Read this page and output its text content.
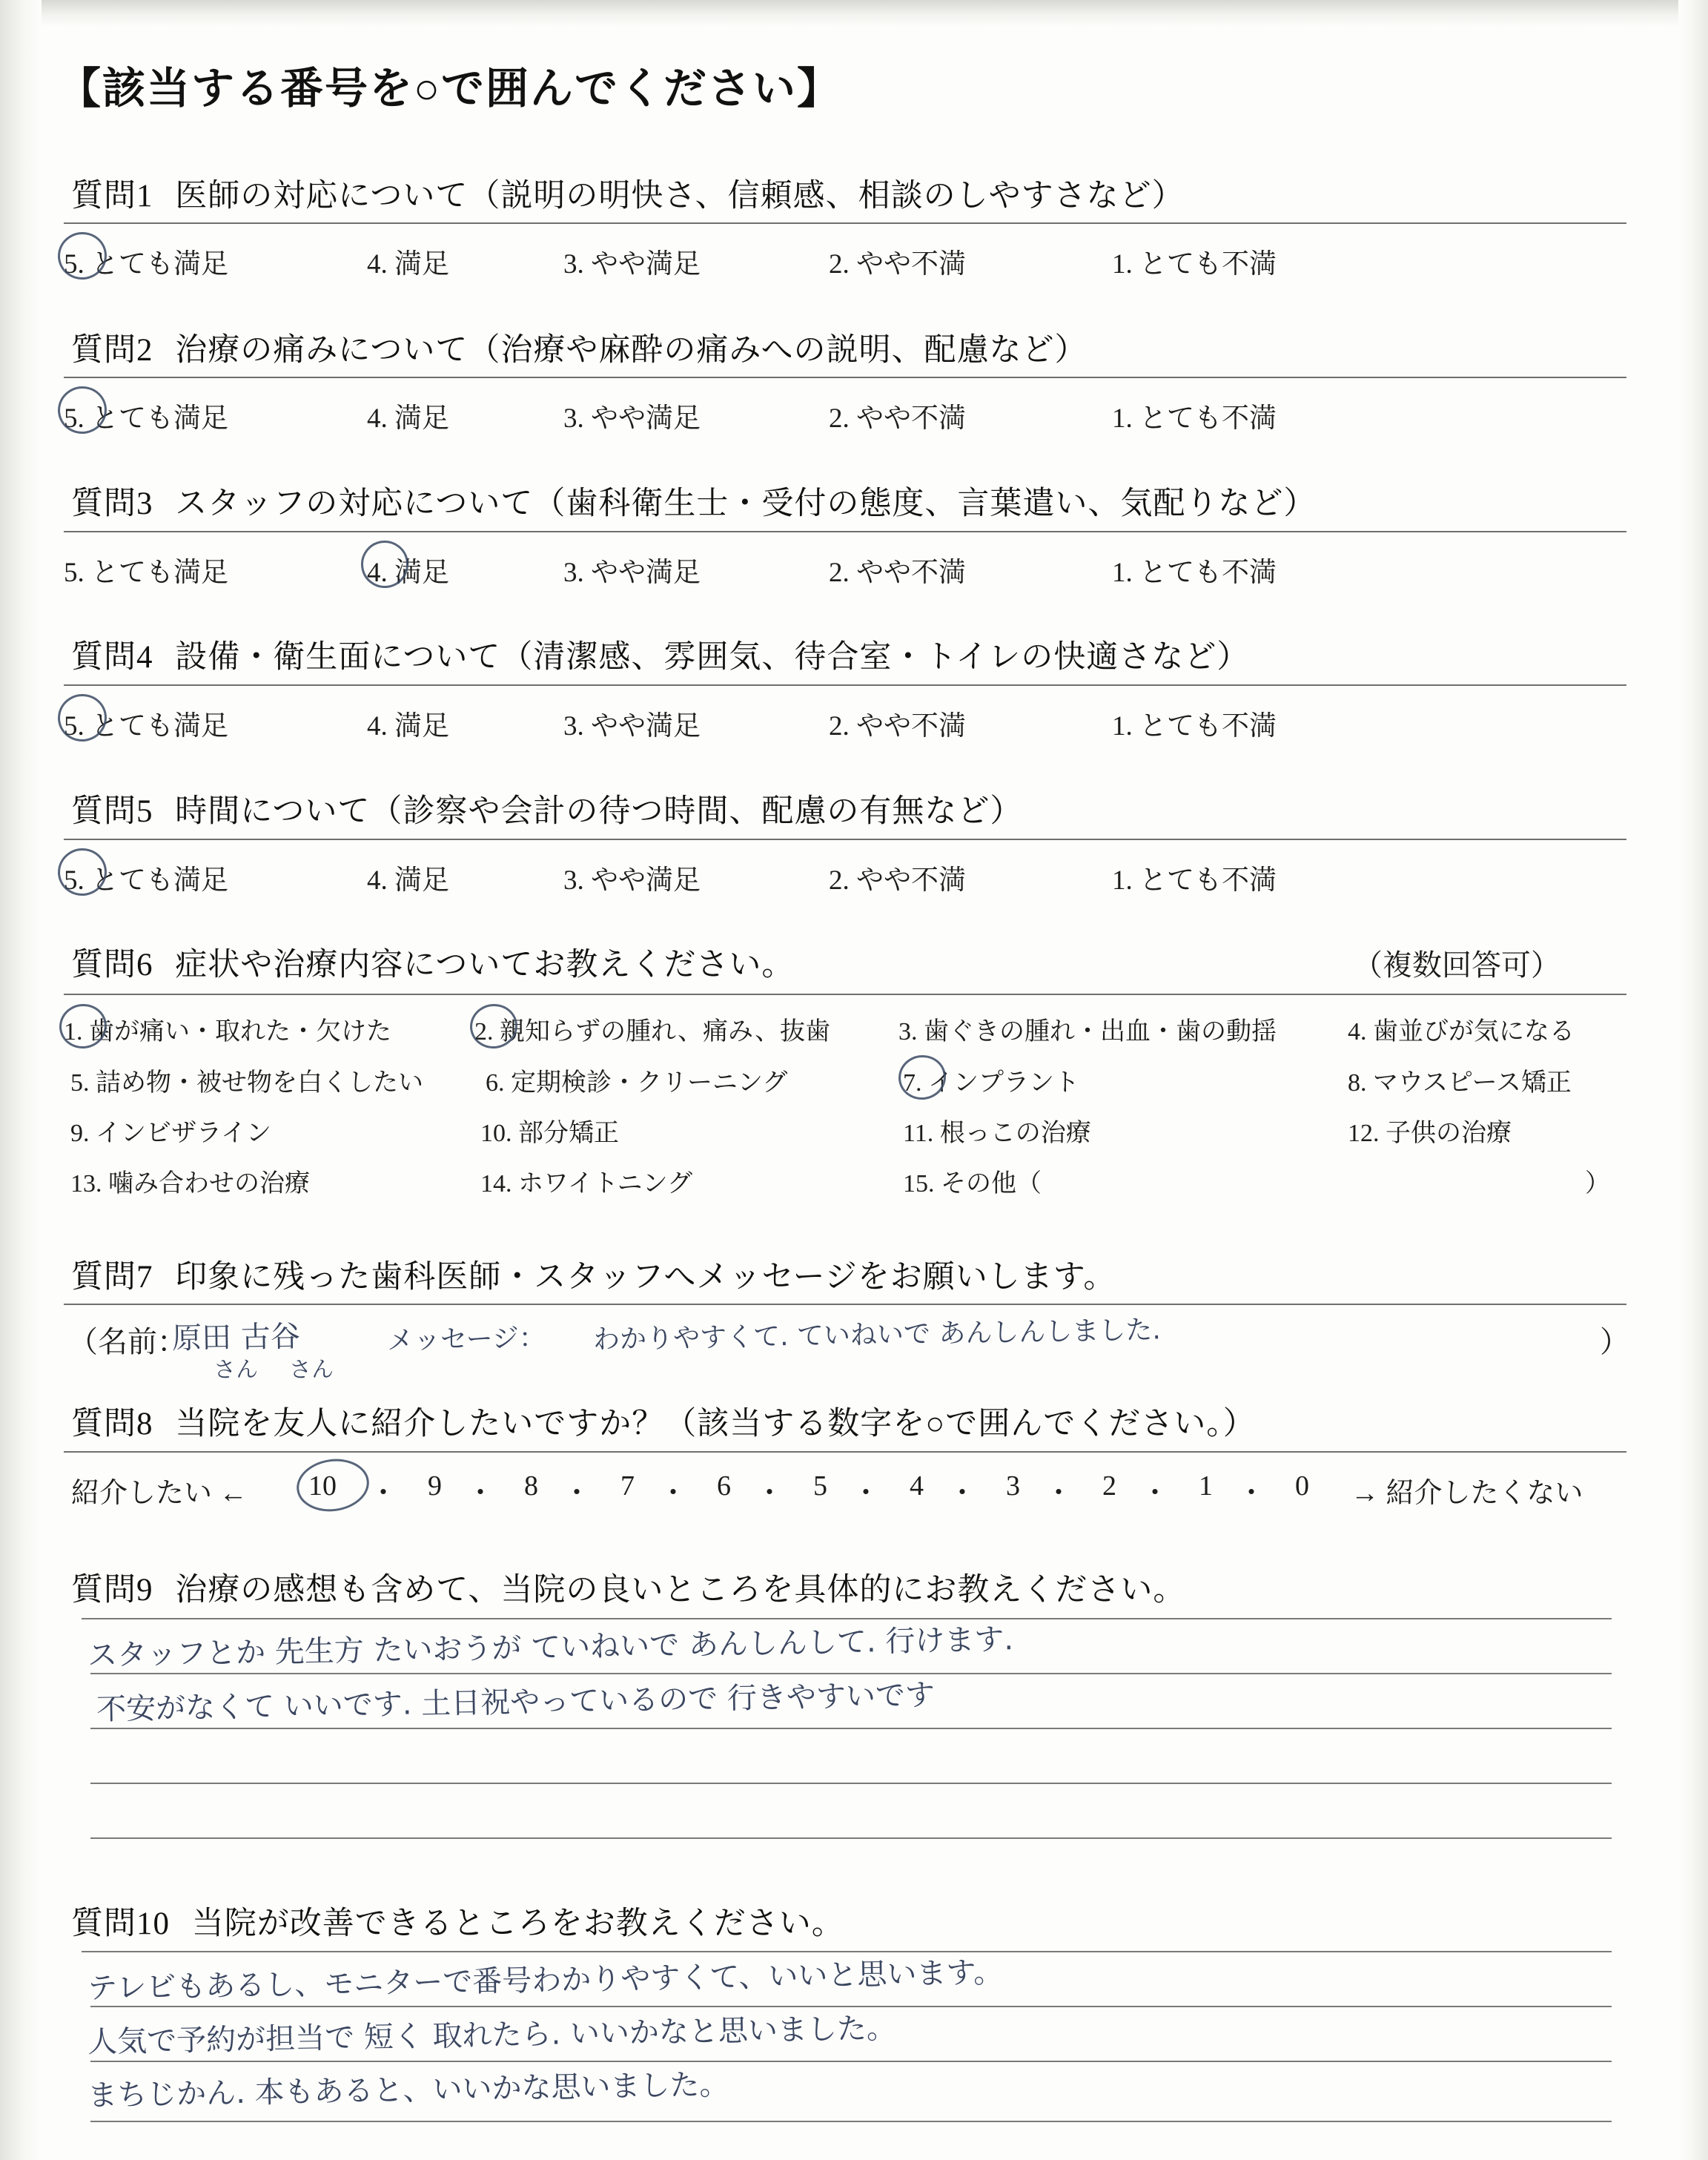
【該当する番号を○で囲んでください】
質問1 医師の対応について（説明の明快さ、信頼感、相談のしやすさなど）
5. とても満足	4. 満足	3. やや満足	2. やや不満	1. とても不満
質問2 治療の痛みについて（治療や麻酔の痛みへの説明、配慮など）
5. とても満足	4. 満足	3. やや満足	2. やや不満	1. とても不満
質問3 スタッフの対応について（歯科衛生士・受付の態度、言葉遣い、気配りなど）
5. とても満足	4. 満足	3. やや満足	2. やや不満	1. とても不満
質問4 設備・衛生面について（清潔感、雰囲気、待合室・トイレの快適さなど）
5. とても満足	4. 満足	3. やや満足	2. やや不満	1. とても不満
質問5 時間について（診察や会計の待つ時間、配慮の有無など）
5. とても満足	4. 満足	3. やや満足	2. やや不満	1. とても不満
質問6 症状や治療内容についてお教えください。	（複数回答可）
1. 歯が痛い・取れた・欠けた	2. 親知らずの腫れ、痛み、抜歯	3. 歯ぐきの腫れ・出血・歯の動揺	4. 歯並びが気になる
5. 詰め物・被せ物を白くしたい 6. 定期検診・クリーニング	7. インプラント	8. マウスピース矯正
9. インビザライン	10. 部分矯正	11. 根っこの治療	12. 子供の治療
13. 噛み合わせの治療	14. ホワイトニング	15. その他（	）
質問7 印象に残った歯科医師・スタッフへメッセージをお願いします。
（名前：
原田 古谷
さん さん
メッセージ： わかりやすくて. ていねいで あんしんしました.	）
質問8 当院を友人に紹介したいですか？（該当する数字を○で囲んでください。）
紹介したい ← 10 ・ 9 ・ 8 ・ 7 ・ 6 ・ 5 ・ 4 ・ 3 ・ 2 ・ 1 ・ 0 → 紹介したくない
質問9 治療の感想も含めて、当院の良いところを具体的にお教えください。
スタッフとか 先生方 たいおうが ていねいで あんしんして. 行けます.
不安がなくて いいです. 土日祝やっているので 行きやすいです
質問10 当院が改善できるところをお教えください。
テレビもあるし、モニターで番号わかりやすくて、いいと思います。
人気で予約が担当で 短く 取れたら. いいかなと思いました。
まちじかん. 本もあると、いいかな思いました。
